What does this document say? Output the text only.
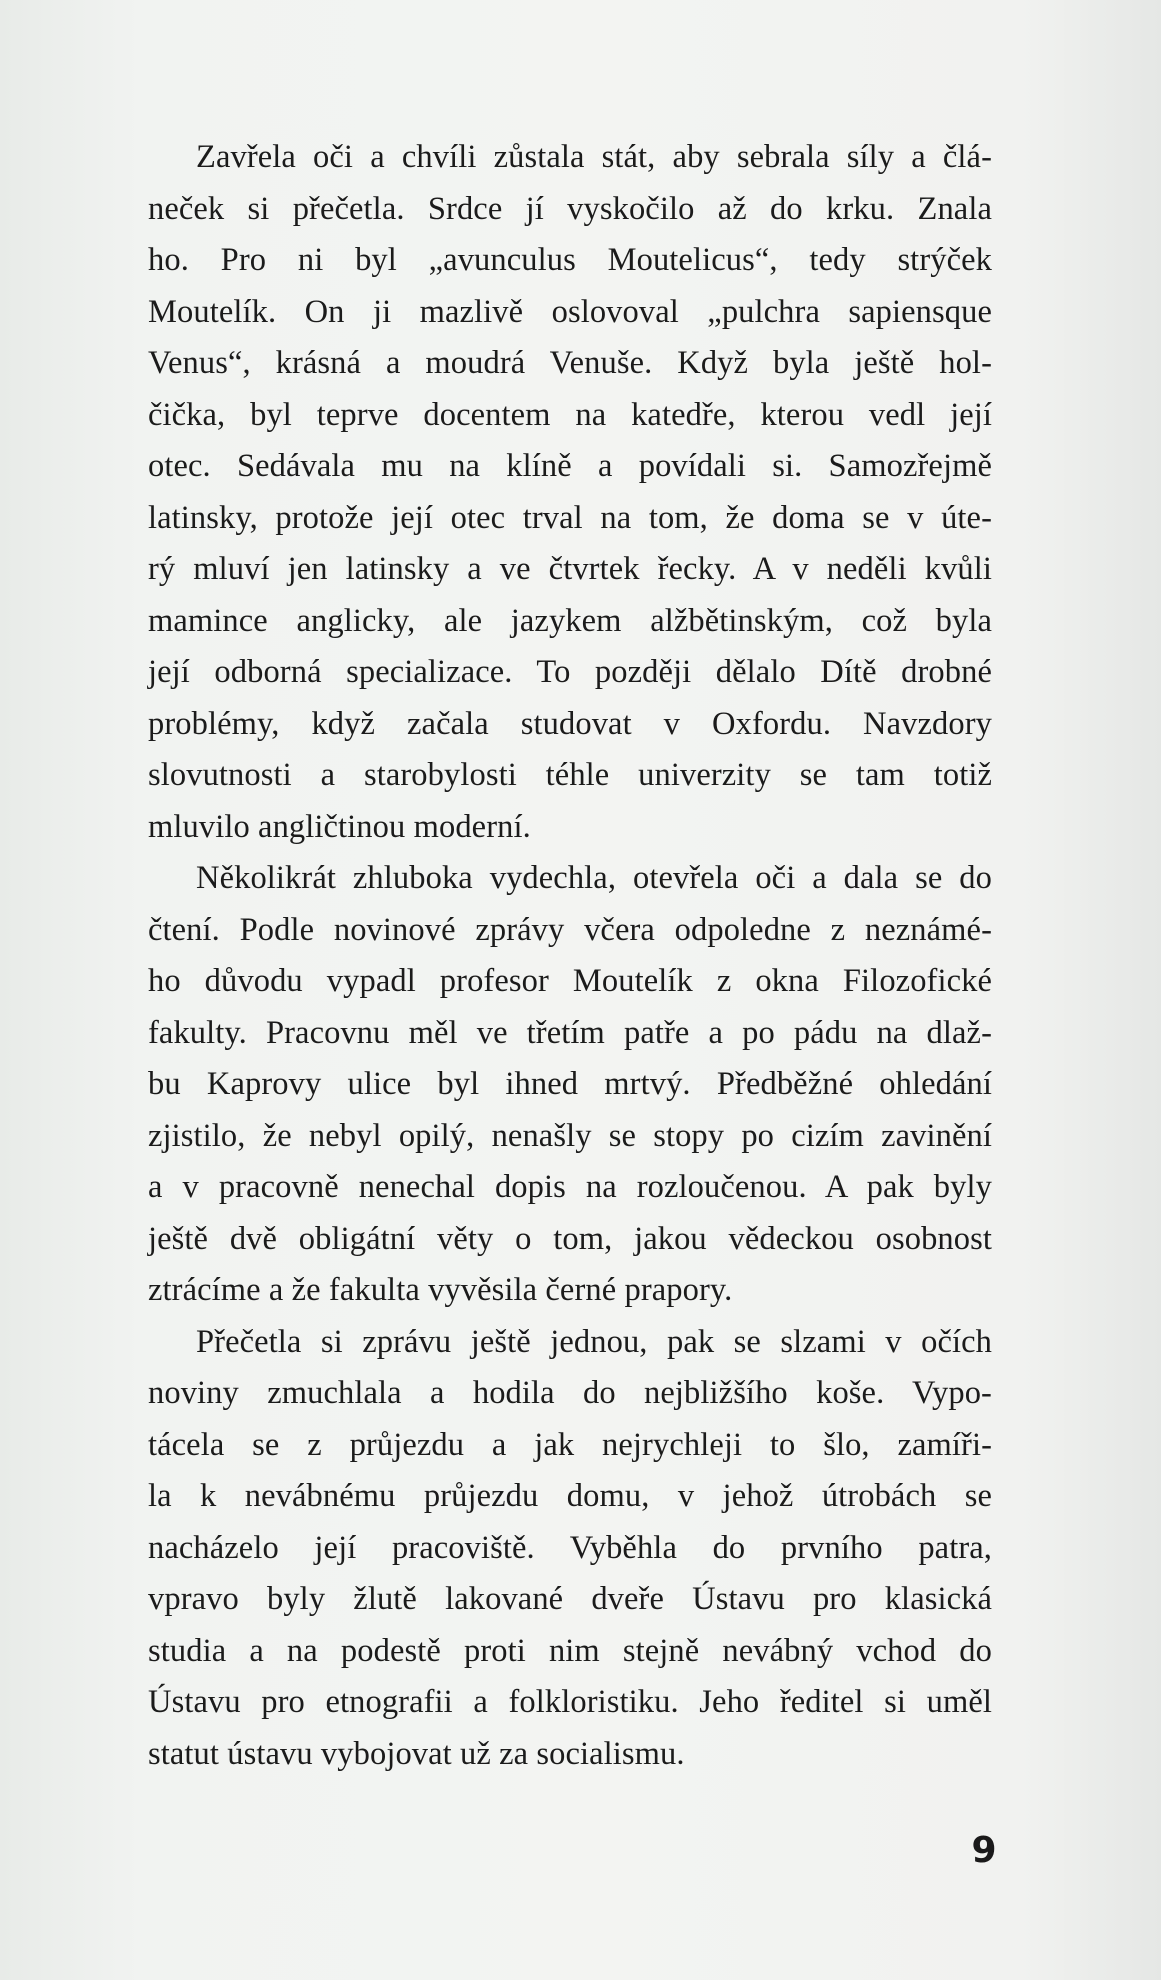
Zavřela oči a chvíli zůstala stát, aby sebrala síly a člá-
neček si přečetla. Srdce jí vyskočilo až do krku. Znala
ho. Pro ni byl „avunculus Moutelicus“, tedy strýček
Moutelík. On ji mazlivě oslovoval „pulchra sapiensque
Venus“, krásná a moudrá Venuše. Když byla ještě hol-
čička, byl teprve docentem na katedře, kterou vedl její
otec. Sedávala mu na klíně a povídali si. Samozřejmě
latinsky, protože její otec trval na tom, že doma se v úte-
rý mluví jen latinsky a ve čtvrtek řecky. A v neděli kvůli
mamince anglicky, ale jazykem alžbětinským, což byla
její odborná specializace. To později dělalo Dítě drobné
problémy, když začala studovat v Oxfordu. Navzdory
slovutnosti a starobylosti téhle univerzity se tam totiž
mluvilo angličtinou moderní.
Několikrát zhluboka vydechla, otevřela oči a dala se do
čtení. Podle novinové zprávy včera odpoledne z neznámé-
ho důvodu vypadl profesor Moutelík z okna Filozofické
fakulty. Pracovnu měl ve třetím patře a po pádu na dlaž-
bu Kaprovy ulice byl ihned mrtvý. Předběžné ohledání
zjistilo, že nebyl opilý, nenašly se stopy po cizím zavinění
a v pracovně nenechal dopis na rozloučenou. A pak byly
ještě dvě obligátní věty o tom, jakou vědeckou osobnost
ztrácíme a že fakulta vyvěsila černé prapory.
Přečetla si zprávu ještě jednou, pak se slzami v očích
noviny zmuchlala a hodila do nejbližšího koše. Vypo-
tácela se z průjezdu a jak nejrychleji to šlo, zamíři-
la k nevábnému průjezdu domu, v jehož útrobách se
nacházelo její pracoviště. Vyběhla do prvního patra,
vpravo byly žlutě lakované dveře Ústavu pro klasická
studia a na podestě proti nim stejně nevábný vchod do
Ústavu pro etnografii a folkloristiku. Jeho ředitel si uměl
statut ústavu vybojovat už za socialismu.
9
